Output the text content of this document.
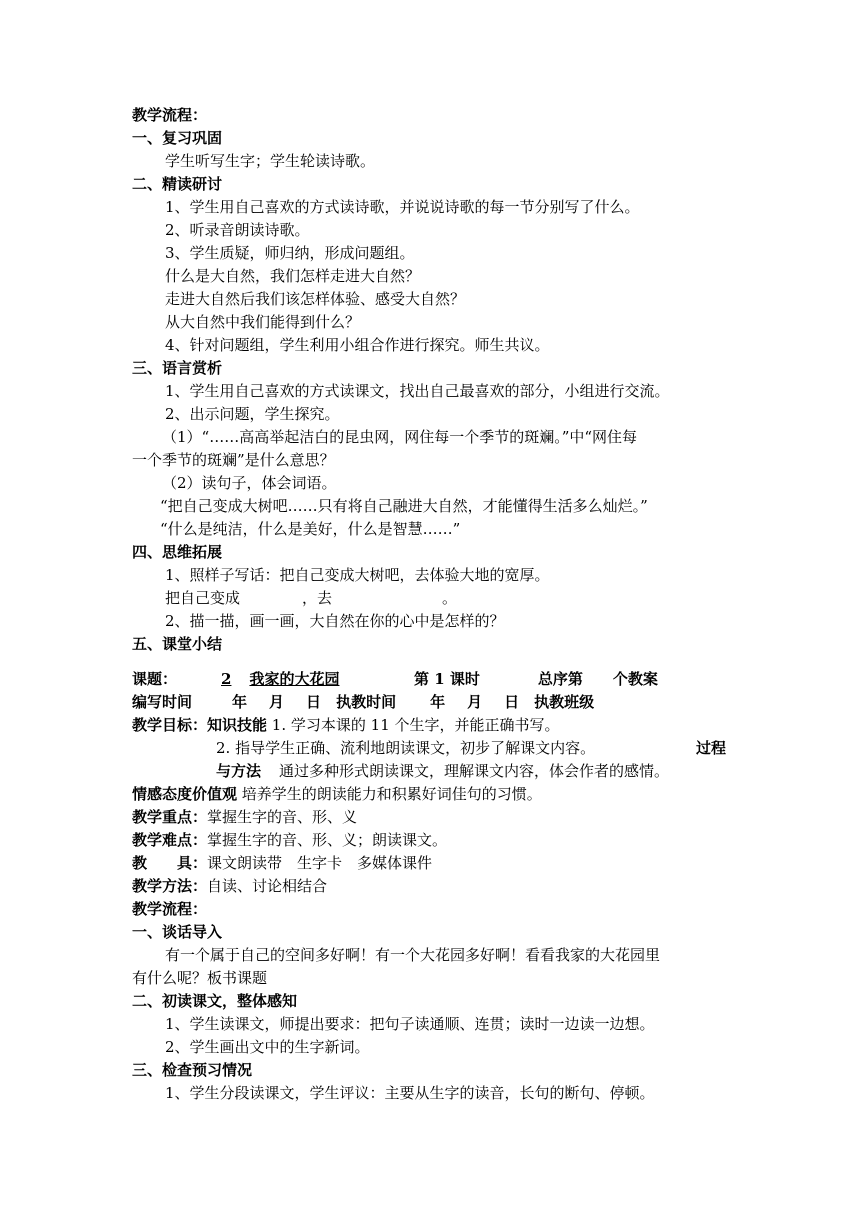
教学流程：
一、复习巩固
学生听写生字；学生轮读诗歌。
二、精读研讨
1、学生用自己喜欢的方式读诗歌，并说说诗歌的每一节分别写了什么。
2、听录音朗读诗歌。
3、学生质疑，师归纳，形成问题组。
什么是大自然，我们怎样走进大自然？
走进大自然后我们该怎样体验、感受大自然？
从大自然中我们能得到什么？
4、针对问题组，学生利用小组合作进行探究。师生共议。
三、语言赏析
1、学生用自己喜欢的方式读课文，找出自己最喜欢的部分，小组进行交流。
2、出示问题，学生探究。
（1）“……高高举起洁白的昆虫网，网住每一个季节的斑斓。”中“网住每
一个季节的斑斓”是什么意思？
（2）读句子，体会词语。
“把自己变成大树吧……只有将自己融进大自然，才能懂得生活多么灿烂。”
“什么是纯洁，什么是美好，什么是智慧……”
四、思维拓展
1、照样子写话：把自己变成大树吧，去体验大地的宽厚。
把自己变成	，去	。
2、描一描，画一画，大自然在你的心中是怎样的？
五、课堂小结
课题：	2 我家的大花园	第 1 课时	总序第 个教案
编写时间	年 月 日 执教时间 年 月 日 执教班级
教学目标：知识技能 1. 学习本课的 11 个生字，并能正确书写。
2. 指导学生正确、流利地朗读课文，初步了解课文内容。	过程
与方法 通过多种形式朗读课文，理解课文内容，体会作者的感情。
情感态度价值观 培养学生的朗读能力和积累好词佳句的习惯。
教学重点：掌握生字的音、形、义
教学难点：掌握生字的音、形、义；朗读课文。
教　　具：课文朗读带　生字卡　多媒体课件
教学方法：自读、讨论相结合
教学流程：
一、谈话导入
有一个属于自己的空间多好啊！有一个大花园多好啊！看看我家的大花园里
有什么呢？板书课题
二、初读课文，整体感知
1、学生读课文，师提出要求：把句子读通顺、连贯；读时一边读一边想。
2、学生画出文中的生字新词。
三、检查预习情况
1、学生分段读课文，学生评议：主要从生字的读音，长句的断句、停顿。
